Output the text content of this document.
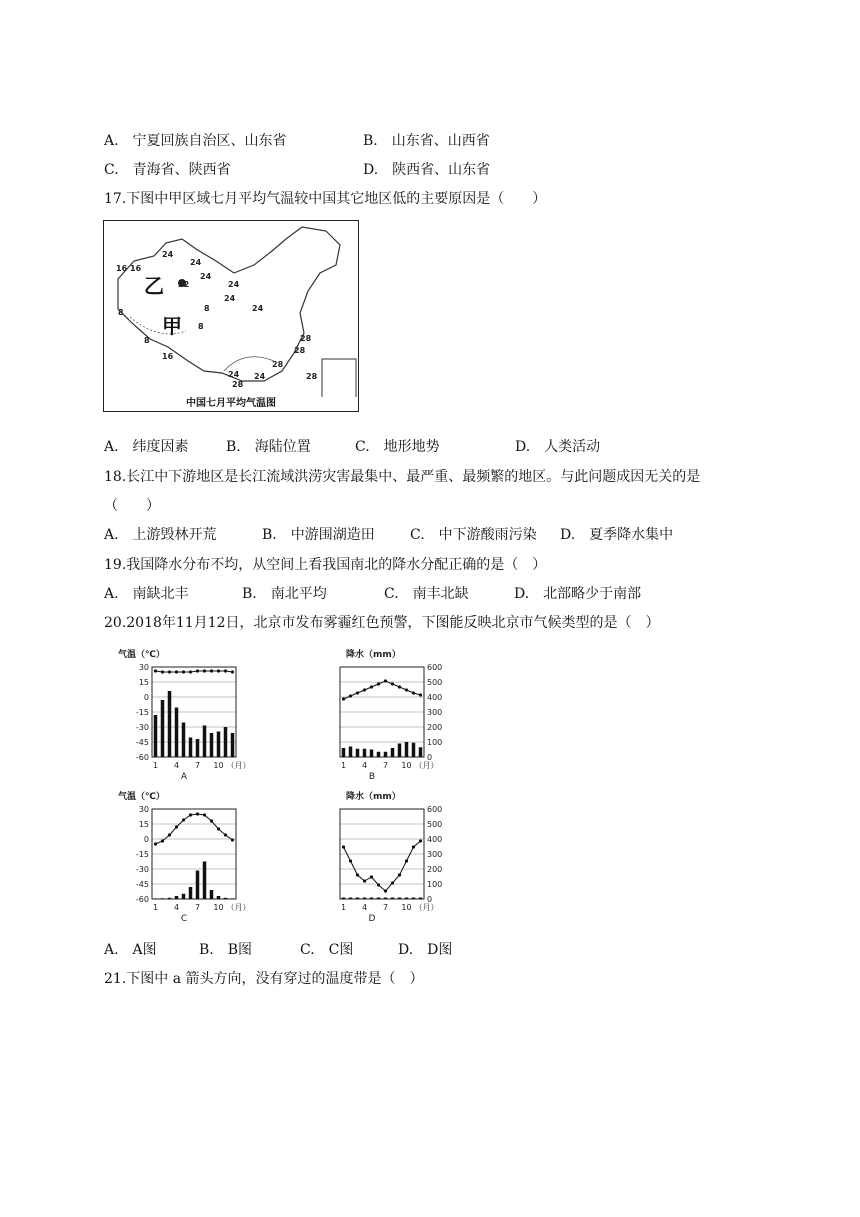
A.　宁夏回族自治区、山东省	B.　山东省、山西省
C.　青海省、陕西省	D.　陕西省、山东省
17.下图中甲区域七月平均气温较中国其它地区低的主要原因是（　　）
24
24
24
24
24
24
24
16 16
32
8	8
8
8
16
28
28
28
24
28
28
乙
甲
中国七月平均气温图
A.　纬度因素	B.　海陆位置	C.　地形地势	D.　人类活动
18.长江中下游地区是长江流域洪涝灾害最集中、最严重、最频繁的地区。与此问题成因无关的是
（　　）
A.　上游毁林开荒	B.　中游围湖造田	C.　中下游酸雨污染 D.　夏季降水集中
19.我国降水分布不均，从空间上看我国南北的降水分配正确的是（　）
A.　南缺北丰	B.　南北平均	C.　南丰北缺	D.　北部略少于南部
20.2018年11月12日，北京市发布雾霾红色预警，下图能反映北京市气候类型的是（　）
气温（℃）
30
15
0
-15
-30
-45
-60
1 4 7 10 （月）
A
降水（mm）
600
500
400
300
200
100
0
1 4 7 10 （月）
B
气温（℃）
30
15
0
-15
-30
-45
-60
1 4 7 10 （月）
C
降水（mm）
600
500
400
300
200
100
0
1 4 7 10 （月）
D
A.　A图	B.　B图	C.　C图	D.　D图
21.下图中 a 箭头方向，没有穿过的温度带是（　）
